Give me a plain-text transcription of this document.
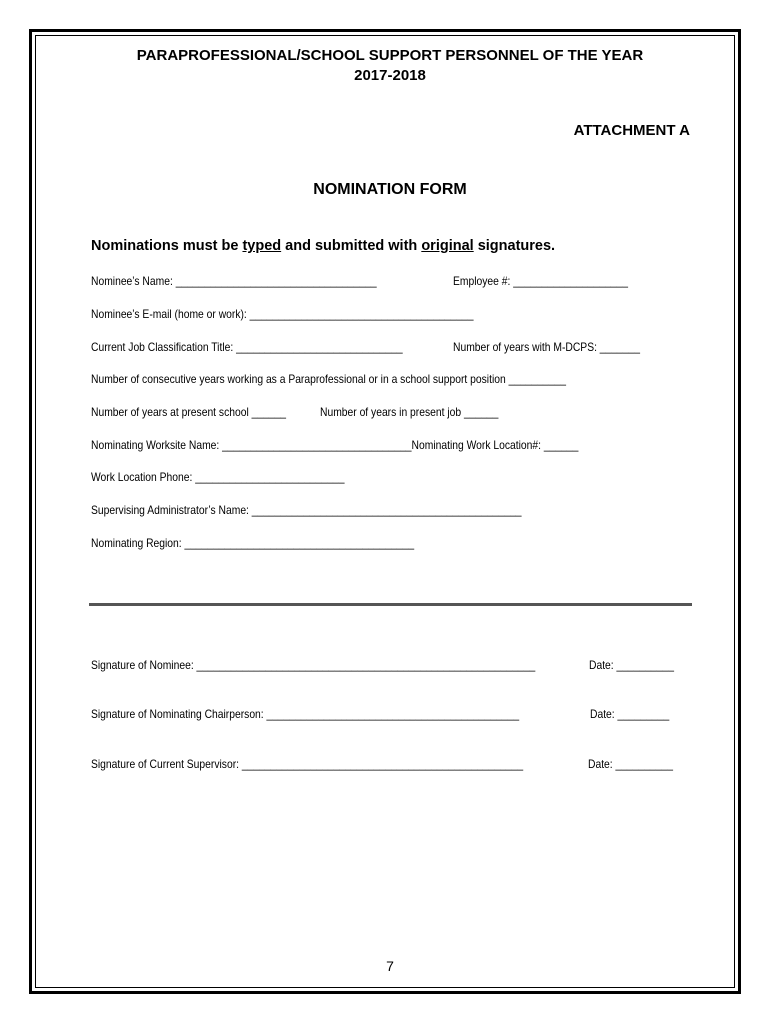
PARAPROFESSIONAL/SCHOOL SUPPORT PERSONNEL OF THE YEAR
2017-2018
ATTACHMENT A
NOMINATION FORM
Nominations must be typed and submitted with original signatures.
Nominee’s Name: ___________________________________	Employee #: ____________________
Nominee’s E-mail (home or work): _______________________________________
Current Job Classification Title: _____________________________	Number of years with M-DCPS: _______
Number of consecutive years working as a Paraprofessional or in a school support position __________
Number of years at present school ______	Number of years in present job ______
Nominating Worksite Name: _________________________________Nominating Work Location#: ______
Work Location Phone: __________________________
Supervising Administrator’s Name: _______________________________________________
Nominating Region: ________________________________________
Signature of Nominee: ___________________________________________________________	Date: __________
Signature of Nominating Chairperson: ____________________________________________	Date: _________
Signature of Current Supervisor: _________________________________________________	Date: __________
7
